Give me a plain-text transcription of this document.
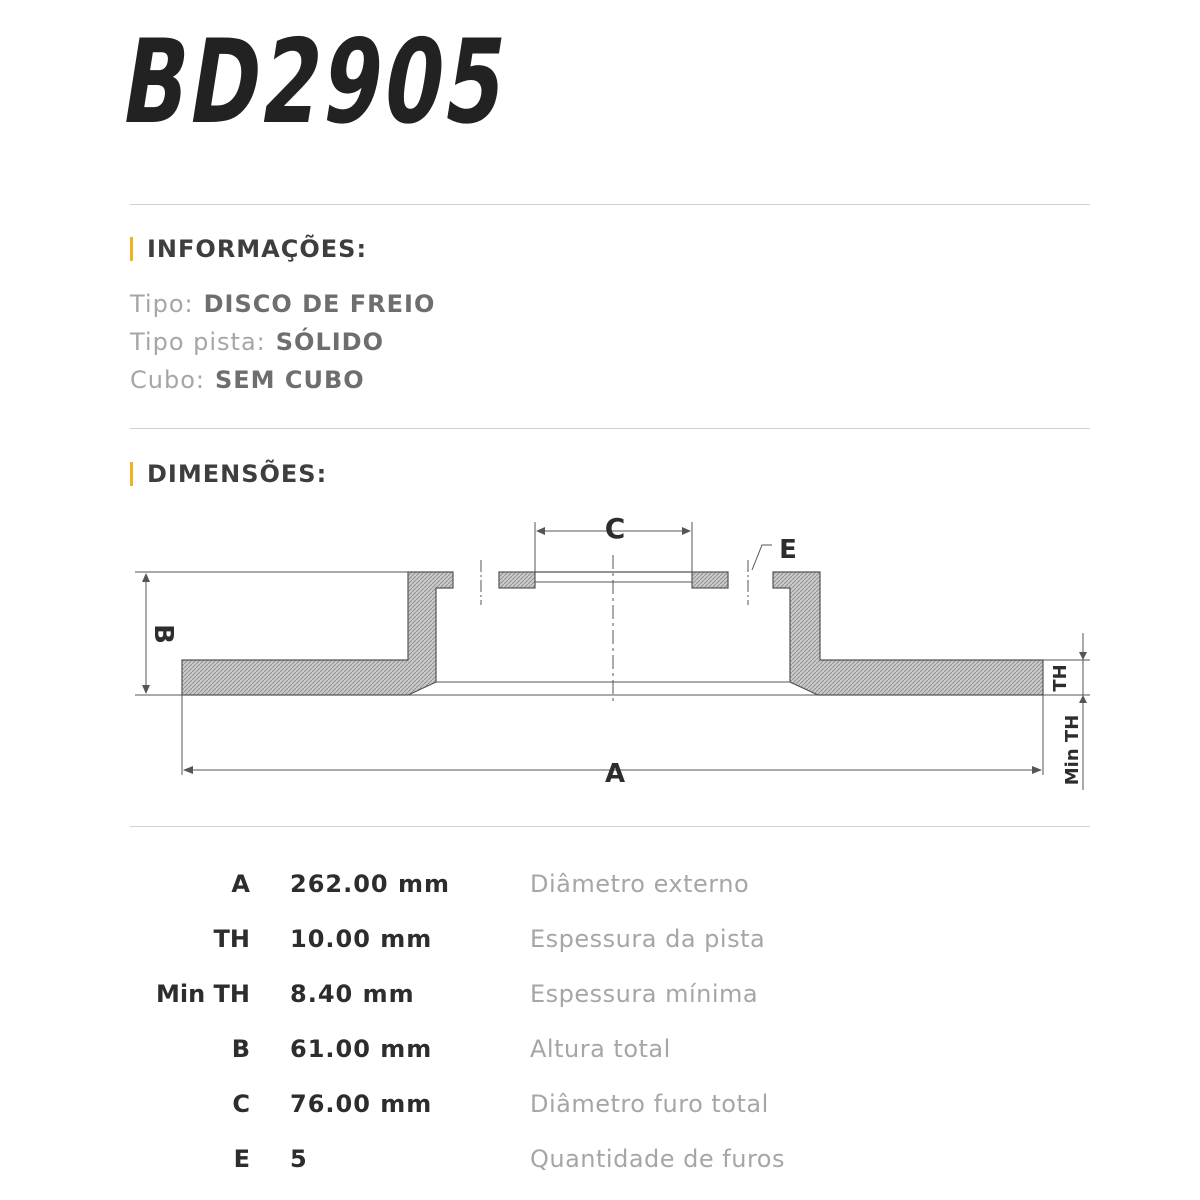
BD2905
INFORMAÇÕES:
Tipo: DISCO DE FREIO
Tipo pista: SÓLIDO
Cubo: SEM CUBO
DIMENSÕES:
C
E
A
B
TH
Min TH
A 262.00 mm	Diâmetro externo
TH 10.00 mm	Espessura da pista
Min TH 8.40 mm	Espessura mínima
B 61.00 mm	Altura total
C 76.00 mm	Diâmetro furo total
E 5	Quantidade de furos
